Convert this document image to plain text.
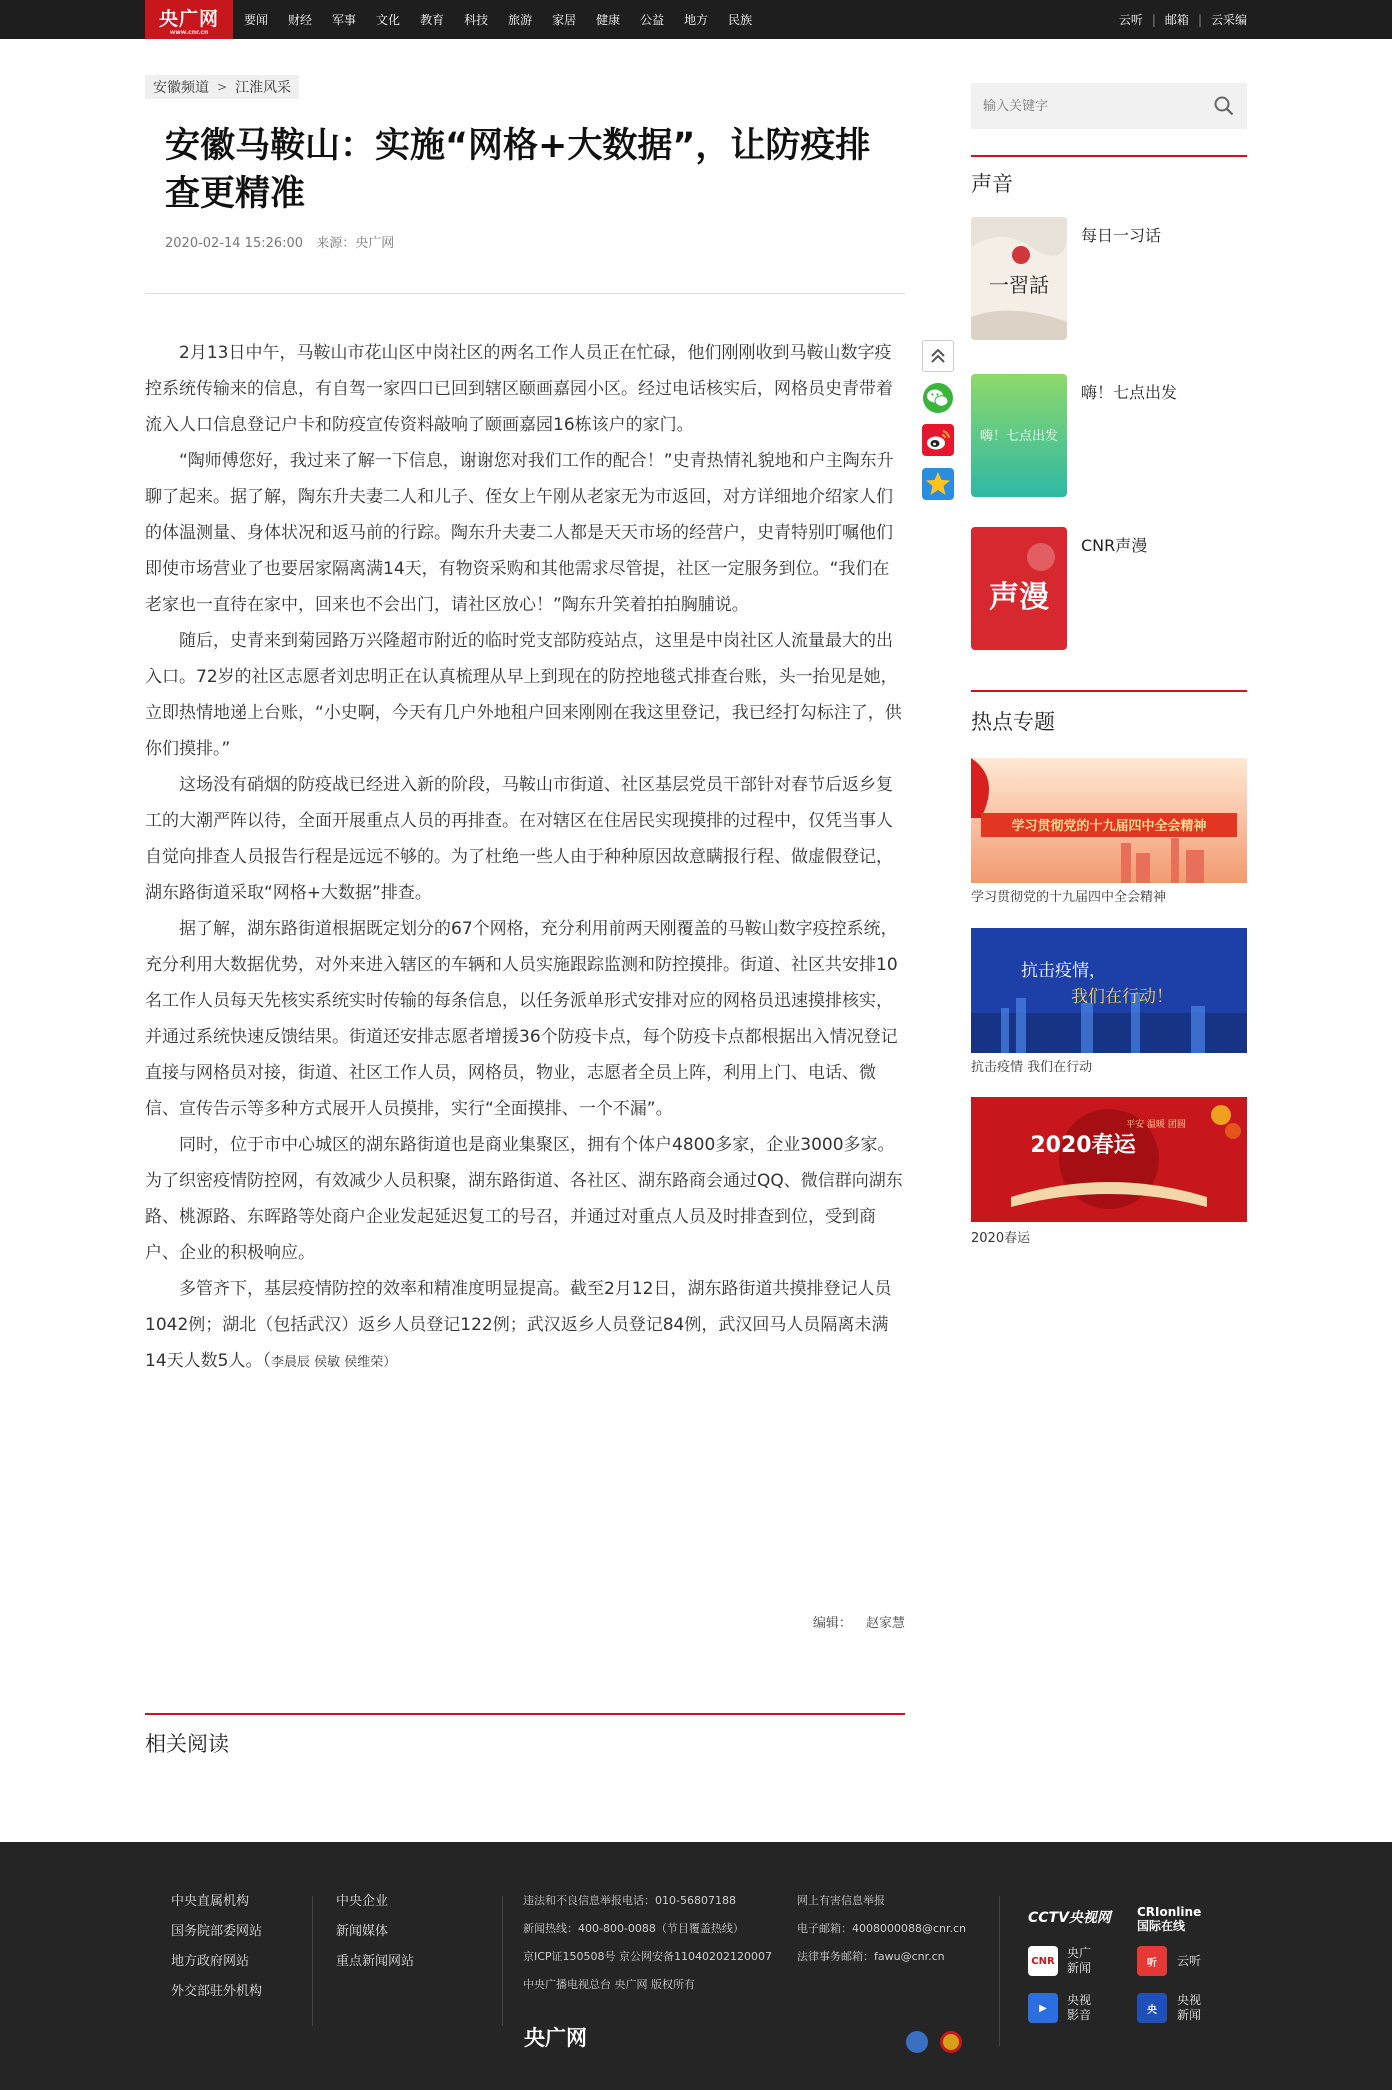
央广网
www.cnr.cn
要闻 财经 军事 文化 教育 科技 旅游 家居 健康 公益 地方 民族	云听 | 邮箱 | 云采编
安徽频道 > 江淮风采
安徽马鞍山：实施“网格+大数据”，让防疫排查更精准
2020-02-14 15:26:00 来源：央广网

2月13日中午，马鞍山市花山区中岗社区的两名工作人员正在忙碌，他们刚刚收到马鞍山数字疫控系统传输来的信息，有自驾一家四口已回到辖区颐画嘉园小区。经过电话核实后，网格员史青带着流入人口信息登记户卡和防疫宣传资料敲响了颐画嘉园16栋该户的家门。

“陶师傅您好，我过来了解一下信息，谢谢您对我们工作的配合！”史青热情礼貌地和户主陶东升聊了起来。据了解，陶东升夫妻二人和儿子、侄女上午刚从老家无为市返回，对方详细地介绍家人们的体温测量、身体状况和返马前的行踪。陶东升夫妻二人都是天天市场的经营户，史青特别叮嘱他们即使市场营业了也要居家隔离满14天，有物资采购和其他需求尽管提，社区一定服务到位。“我们在老家也一直待在家中，回来也不会出门，请社区放心！”陶东升笑着拍拍胸脯说。

随后，史青来到菊园路万兴隆超市附近的临时党支部防疫站点，这里是中岗社区人流量最大的出入口。72岁的社区志愿者刘忠明正在认真梳理从早上到现在的防控地毯式排查台账，头一抬见是她，立即热情地递上台账，“小史啊，今天有几户外地租户回来刚刚在我这里登记，我已经打勾标注了，供你们摸排。”

这场没有硝烟的防疫战已经进入新的阶段，马鞍山市街道、社区基层党员干部针对春节后返乡复工的大潮严阵以待，全面开展重点人员的再排查。在对辖区在住居民实现摸排的过程中，仅凭当事人自觉向排查人员报告行程是远远不够的。为了杜绝一些人由于种种原因故意瞒报行程、做虚假登记，湖东路街道采取“网格+大数据”排查。

据了解，湖东路街道根据既定划分的67个网格，充分利用前两天刚覆盖的马鞍山数字疫控系统，充分利用大数据优势，对外来进入辖区的车辆和人员实施跟踪监测和防控摸排。街道、社区共安排10名工作人员每天先核实系统实时传输的每条信息，以任务派单形式安排对应的网格员迅速摸排核实，并通过系统快速反馈结果。街道还安排志愿者增援36个防疫卡点，每个防疫卡点都根据出入情况登记直接与网格员对接，街道、社区工作人员，网格员，物业，志愿者全员上阵，利用上门、电话、微信、宣传告示等多种方式展开人员摸排，实行“全面摸排、一个不漏”。

同时，位于市中心城区的湖东路街道也是商业集聚区，拥有个体户4800多家，企业3000多家。为了织密疫情防控网，有效减少人员积聚，湖东路街道、各社区、湖东路商会通过QQ、微信群向湖东路、桃源路、东晖路等处商户企业发起延迟复工的号召，并通过对重点人员及时排查到位，受到商户、企业的积极响应。

多管齐下，基层疫情防控的效率和精准度明显提高。截至2月12日，湖东路街道共摸排登记人员1042例；湖北（包括武汉）返乡人员登记122例；武汉返乡人员登记84例，武汉回马人员隔离未满14天人数5人。（李晨辰 侯敏 侯维荣）

编辑： 赵家慧
相关阅读
输入关键字
声音
一習話
每日一习话
嗨！七点出发
嗨！七点出发
声漫
CNR声漫
热点专题
学习贯彻党的十九届四中全会精神
学习贯彻党的十九届四中全会精神
抗击疫情，
我们在行动！
抗击疫情 我们在行动
2020春运
平安 温暖 团圆
2020春运
中央直属机构
国务院部委网站
地方政府网站
外交部驻外机构
中央企业
新闻媒体
重点新闻网站
违法和不良信息举报电话：010-56807188
新闻热线：400-800-0088（节目覆盖热线）
京ICP证150508号 京公网安备11040202120007
中央广播电视总台 央广网 版权所有
网上有害信息举报
电子邮箱：4008000088@cnr.cn
法律事务邮箱：fawu@cnr.cn
央广网
CCTV央视网 CRIonline 国际在线
CNR
央广新闻	听	云听
▶
央视影音	央
央视新闻
